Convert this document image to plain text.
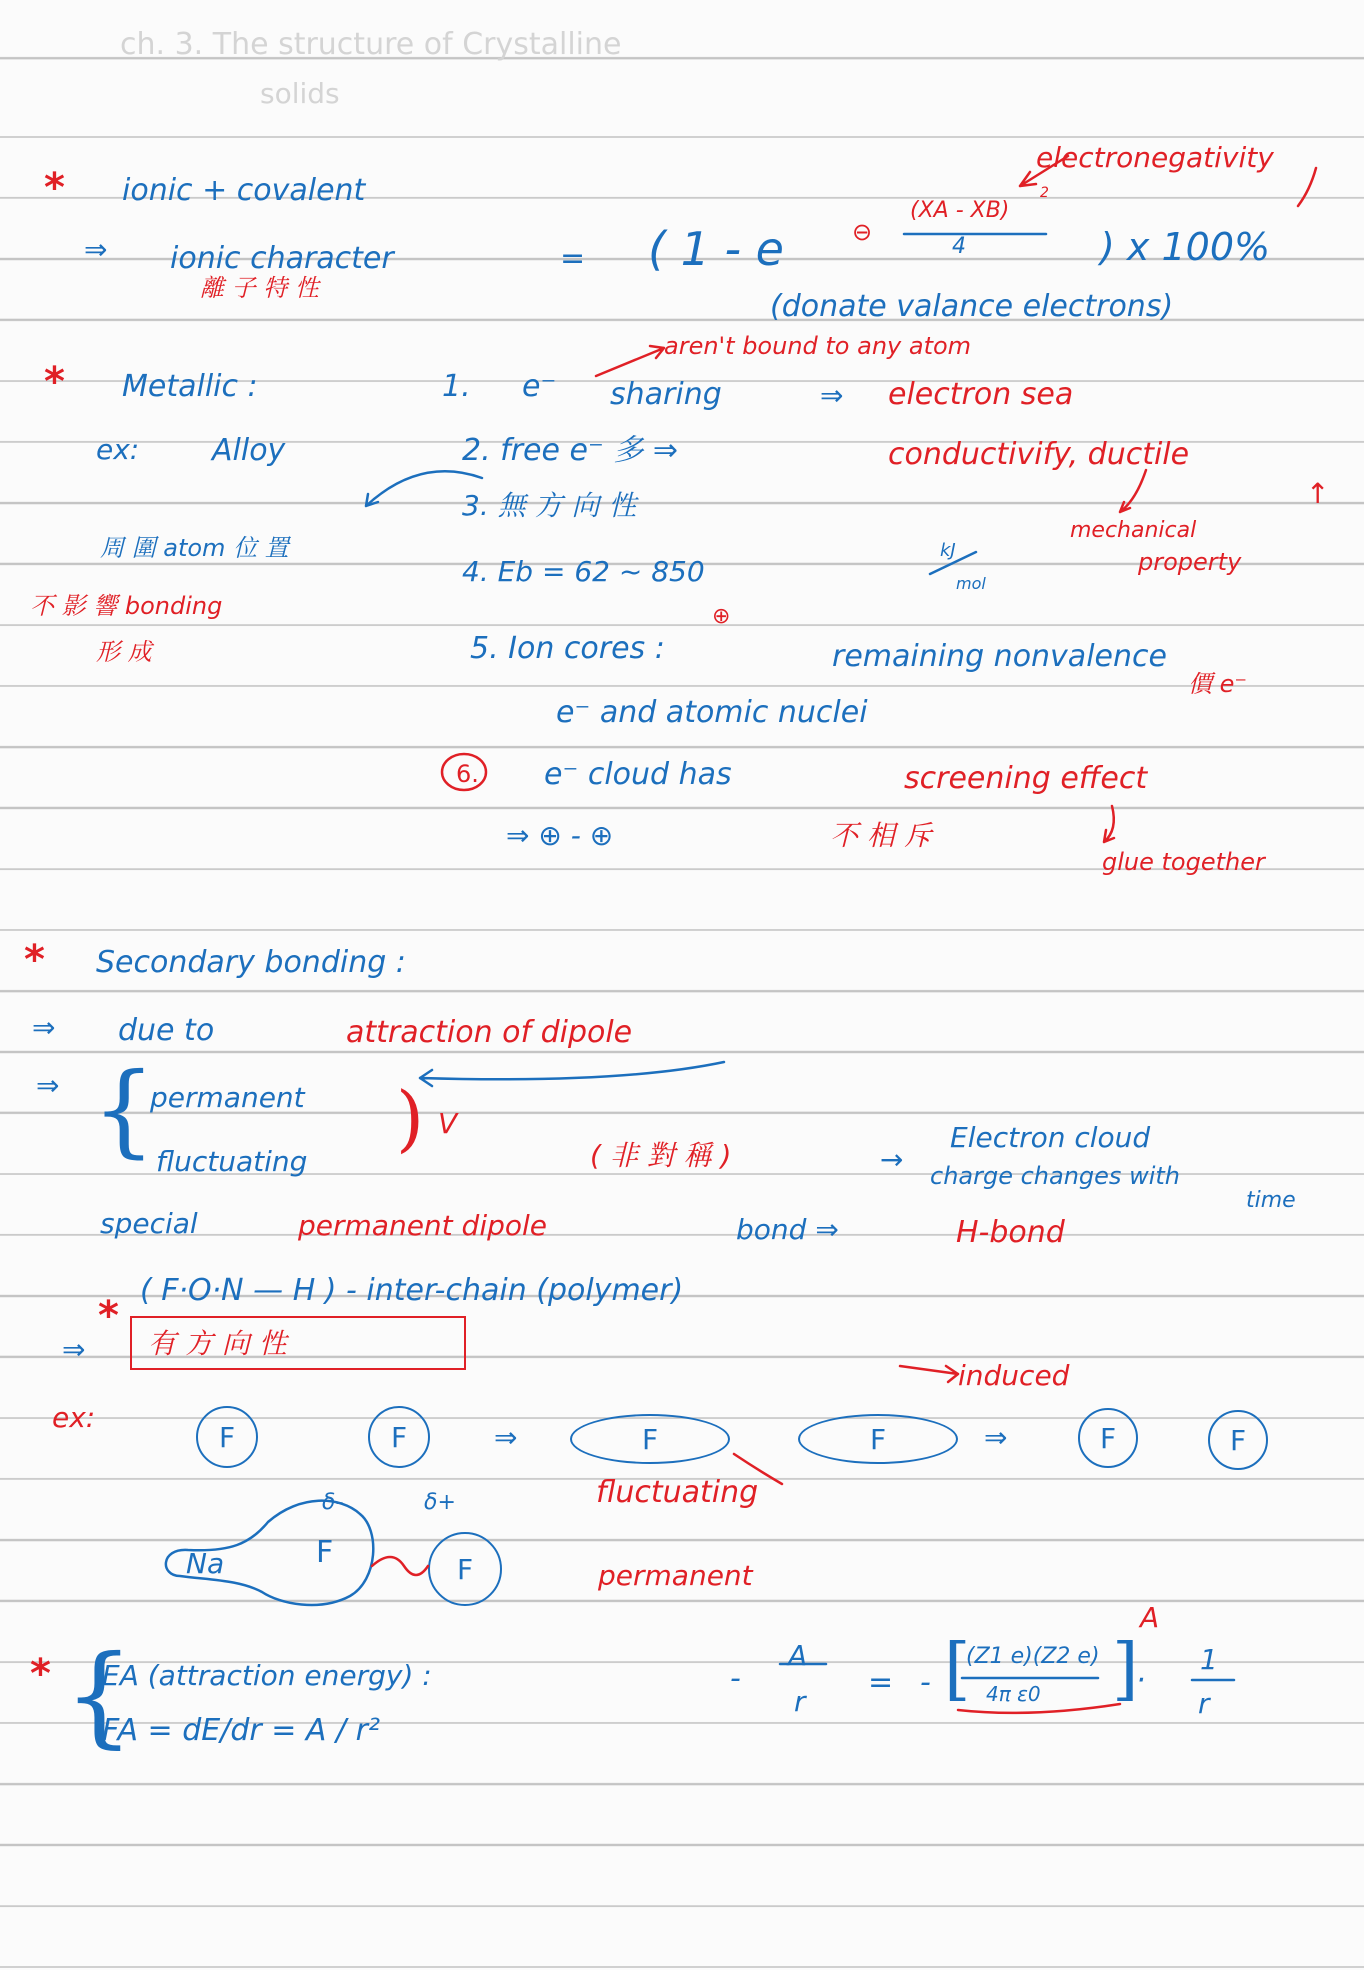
ch. 3. The structure of Crystalline
solids
* ionic + covalent
electronegativity
⇒ ionic character
離 子 特 性
= ( 1 - e	⊖
(XA - XB)
2
4	) x 100%
(donate valance electrons)
aren't bound to any atom
* Metallic :	1. e⁻ sharing	⇒ electron sea
ex: Alloy	2. free e⁻ 多 ⇒	conductivify, ductile
↑
mechanical
property
3. 無 方 向 性
周 圍 atom 位 置
不 影 響 bonding
形 成
4. Eb = 62 ~ 850
kJ
mol
⊕
5. Ion cores :	remaining nonvalence
價 e⁻
e⁻ and atomic nuclei
6. e⁻ cloud has	screening effect
⇒ ⊕ - ⊕	不 相 斥
glue together
* Secondary bonding :
⇒ due to	attraction of dipole
⇒ {
permanent
fluctuating
) V
( 非 對 稱 )	→
Electron cloud
charge changes with
time
special	permanent dipole	bond ⇒	H-bond
( F·O·N — H ) - inter-chain (polymer)
*
⇒ 有 方 向 性
ex:
F	F	⇒	F	F
induced
⇒	F	F
fluctuating
δ-	δ+
Na	F	F	permanent
* {
EA (attraction energy) :	-
A
r
= - [
(Z1 e)(Z2 e)
4π ε0 ]
A
·
1
r
FA = dE/dr = A / r²
